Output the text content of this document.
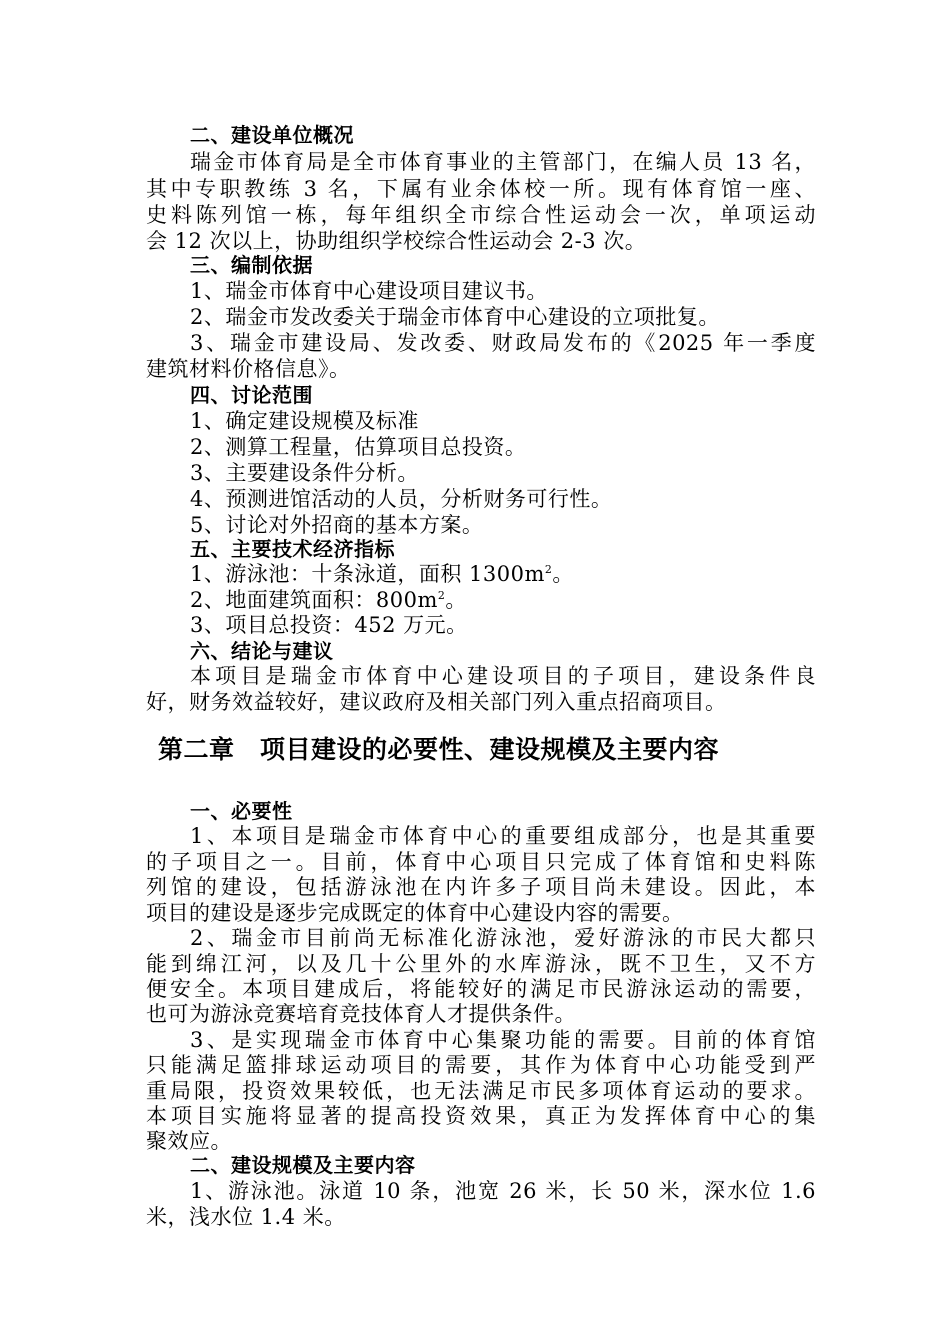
二、建设单位概况
瑞金市体育局是全市体育事业的主管部门，在编人员 13 名，
其中专职教练 3 名，下属有业余体校一所。现有体育馆一座、
史料陈列馆一栋，每年组织全市综合性运动会一次，单项运动
会 12 次以上，协助组织学校综合性运动会 2-3 次。
三、编制依据
1、瑞金市体育中心建设项目建议书。
2、瑞金市发改委关于瑞金市体育中心建设的立项批复。
3、瑞金市建设局、发改委、财政局发布的《2025 年一季度
建筑材料价格信息》。
四、讨论范围
1、确定建设规模及标准
2、测算工程量，估算项目总投资。
3、主要建设条件分析。
4、预测进馆活动的人员，分析财务可行性。
5、讨论对外招商的基本方案。
五、主要技术经济指标
1、游泳池：十条泳道，面积 $1300m^2$。
2、地面建筑面积：$800m^2$。
3、项目总投资：452 万元。
六、结论与建议
本项目是瑞金市体育中心建设项目的子项目，建设条件良
好，财务效益较好，建议政府及相关部门列入重点招商项目。
第二章　项目建设的必要性、建设规模及主要内容
一、必要性
1、本项目是瑞金市体育中心的重要组成部分，也是其重要
的子项目之一。目前，体育中心项目只完成了体育馆和史料陈
列馆的建设，包括游泳池在内许多子项目尚未建设。因此，本
项目的建设是逐步完成既定的体育中心建设内容的需要。
2、瑞金市目前尚无标准化游泳池，爱好游泳的市民大都只
能到绵江河，以及几十公里外的水库游泳，既不卫生，又不方
便安全。本项目建成后，将能较好的满足市民游泳运动的需要，
也可为游泳竞赛培育竞技体育人才提供条件。
3、是实现瑞金市体育中心集聚功能的需要。目前的体育馆
只能满足篮排球运动项目的需要，其作为体育中心功能受到严
重局限，投资效果较低，也无法满足市民多项体育运动的要求。
本项目实施将显著的提高投资效果，真正为发挥体育中心的集
聚效应。
二、建设规模及主要内容
1、游泳池。泳道 10 条，池宽 26 米，长 50 米，深水位 1.6
米，浅水位 1.4 米。
